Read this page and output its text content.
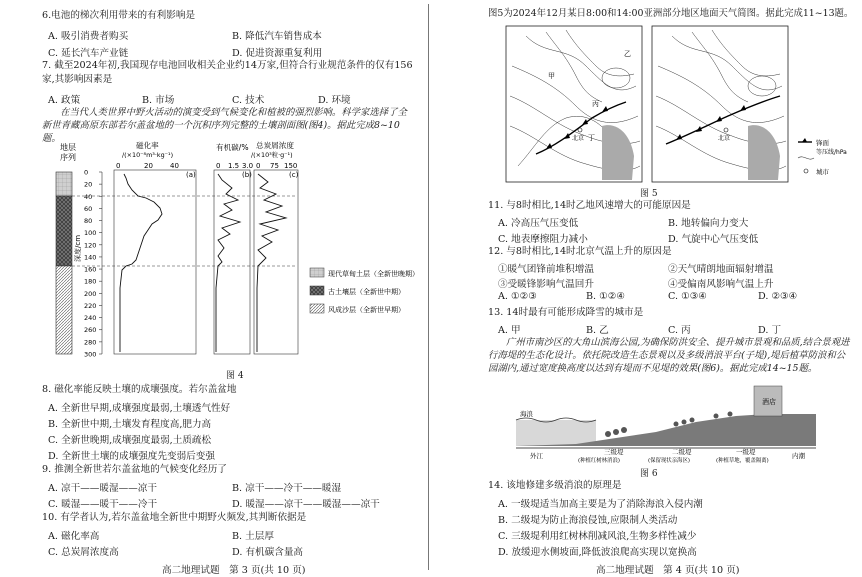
6.电池的梯次利用带来的有利影响是
A. 吸引消费者购买	B. 降低汽车销售成本
C. 延长汽车产业链	D. 促进资源重复利用
7. 截至2024年初,我国现存电池回收相关企业约14万家,但符合行业规范条件的仅有156
家,其影响因素是
A. 政策	B. 市场	C. 技术	D. 环境
在当代人类世界中野火活动的演变受到气候变化和植被的强烈影响。科学家选择了全新世青藏高原东部若尔盖盆地的一个沉积序列完整的土壤剖面图(图4)。据此完成8~10题。
地层
序列
磁化率
/(×10⁻⁸m³·kg⁻¹)
有机碳/% 总炭屑浓度
/(×10³粒·g⁻¹)
0	20 40
(a)
0 1.5 3.0
(b)
0 75 150
(c)
0
20
40
60
80
100
120
140
160
180
200
220
240
260
280
300
深度/cm
现代草甸土层（全新世晚期）
古土壤层（全新世中期）
风成沙层（全新世早期）
图 4
8. 磁化率能反映土壤的成壤强度。若尔盖盆地
A. 全新世早期,成壤强度最弱,土壤透气性好
B. 全新世中期,土壤发育程度高,肥力高
C. 全新世晚期,成壤强度最弱,土质疏松
D. 全新世土壤的成壤强度先变弱后变强
9. 推测全新世若尔盖盆地的气候变化经历了
A. 凉干——暖湿——凉干	B. 凉干——冷干——暖湿
C. 暖湿——暖干——冷干	D. 暖湿——凉干——暖湿——凉干
10. 有学者认为,若尔盖盆地全新世中期野火频发,其判断依据是
A. 磁化率高	B. 土层厚
C. 总炭屑浓度高	D. 有机碳含量高
高二地理试题　第 3 页(共 10 页)
图5为2024年12月某日8:00和14:00亚洲部分地区地面天气简图。据此完成11~13题。
北京
甲
乙
丙
丁	北京
锋面
等压线/hPa
城市
图 5
11. 与8时相比,14时乙地风速增大的可能原因是
A. 冷高压气压变低	B. 地转偏向力变大
C. 地表摩擦阻力减小	D. 气旋中心气压变低
12. 与8时相比,14时北京气温上升的原因是
①暖气团锋前堆积增温	②天气晴朗地面辐射增温
③受暖锋影响气温回升	④受偏南风影响气温上升
A. ①②③	B. ①②④	C. ①③④	D. ②③④
13. 14时最有可能形成降雪的城市是
A. 甲	B. 乙	C. 丙	D. 丁
广州市南沙区的大角山滨海公园,为确保防洪安全、提升城市景观和品质,结合景观进行海堤的生态化设计。依托院改造生态景观以及多级消浪平台(子堤),堤后植草防浪和公园湖内,通过宽度换高度以达到有堤而不见堤的效果(图6)。据此完成14~15题。
酒店
海浪
三级堤	二级堤	一级堤
外江	内潮
(种植红树林消浪)	(保留现状亲海区)	(种植草地，覆盖隔离)
图 6
14. 该地修建多级消浪的原理是
A. 一级堤适当加高主要是为了消除海浪入侵内潮
B. 二级堤为防止海浪侵蚀,应限制人类活动
C. 三级堤利用红树林削减风浪,生物多样性减少
D. 放缓迎水侧坡面,降低波浪爬高实现以宽换高
高二地理试题　第 4 页(共 10 页)
